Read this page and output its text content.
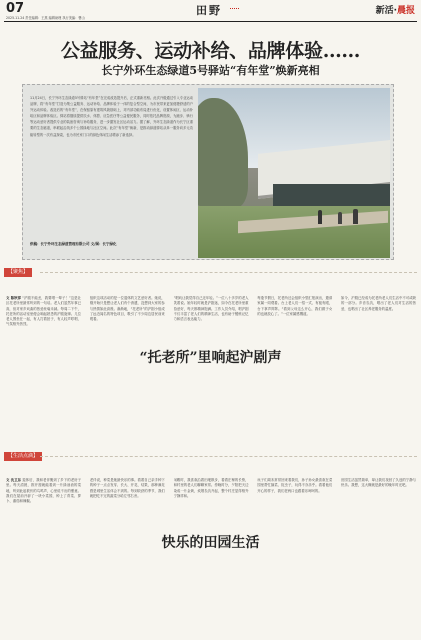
07
2025.11.24 责任编辑：王燕 编辑助理 执行美编：曹山
田野	新活·晨报
公益服务、运动补给、品牌体验……
长宁外环生态绿道5号驿站“有年堂”焕新亮相
11月24日，长宁外环生态绿道5号驿站“有年堂”在完成改造提升后，正式重新亮相。此次升级通过引入专业运动品牌，将“有年堂”打造为集公益服务、运动补给、品牌体验于一体的复合型空间，为市民带来更加便捷舒适的户外运动体验。改造后的“有年堂”，在保留原有建筑风貌基础上，对内部功能布局进行优化，设置休闲区、运动补给区和品牌体验区。驿站将继续提供饮水、休憩、应急医疗等公益便民服务，同时依托品牌资源，为跑步、骑行等运动爱好者提供专业的装备咨询与补给服务，进一步激发社区运动活力。据了解，外环生态绿道作为长宁区重要的生态廊道，串联起沿线多个公园绿地与社区空间。此次“有年堂”焕新，是推动绿道驿站从单一服务向多元功能转型的一次有益探索，也为市民家门口的绿色休闲生活增添了新选择。
供稿：长宁外环生态绿道管理有限公司 文/图：长宁绿化
【聚焦】
文 陈秋萍 “沪剧不能丢，我要唱一辈子！”这是社区托老所里最常听到的一句话。老人们虽然年事已高，但对家乡戏曲的热爱丝毫未减。每周二下午，托老所的活动室里便会响起熟悉的沪剧旋律。几位老人围坐在一起，有人打着拍子，有人轻声哼唱，气氛格外热烈。
组织这项活动的是一位退休的文艺爱好者。她说，刚开始只是想让老人们有个消遣，没想到大家的参与热情如此高涨。渐渐地，“托老所”的沪剧小组成了远近闻名的特色项目，吸引了不少周边居民前来观看。
“唱戏让我觉得自己还年轻。”一位八十多岁的老人笑着说。她年轻时就是沪剧迷，如今在托老所里重拾爱好，每天都精神饱满。工作人员介绍，唱沪剧不仅丰富了老人们的精神生活，也有助于锻炼记忆力和语言表达能力。
每逢节假日，托老所还会组织小型汇报演出，邀请家属一同观看。台上老人们一招一式、有板有眼，台下掌声阵阵。“看到父母这么开心，我们做子女的也就放心了。”一位家属感慨道。
如今，沪剧已经成为托老所老人们生活中不可或缺的一部分。乡音袅袅，唱出了老人们对生活的热爱，也唱出了社区养老服务的温度。
“托老所”里响起沪剧声
【生活点滴】
文 沈卫东 退休后，我和老伴搬到了乡下的老房子里。每天清晨，推开窗就能看到一片绿油油的菜地，听到此起彼伏的鸟鸣声，心里说不出的惬意。我们在屋前开辟了一块小菜园，种上了青菜、萝卜、番茄和辣椒。
老伴说，种菜是她最快乐的事。看着自己亲手种下的种子一点点发芽、长大、开花、结果，那种满足感是城里生活体会不到的。每到收获的季节，我们就把吃不完的蔬菜分给左邻右舍。
闲暇时，我喜欢沿着田埂散步，看看庄稼的长势，和村里的老人们聊聊家常。傍晚时分，夕阳把天边染成一片金黄，炊烟袅袅升起，整个村庄显得格外宁静祥和。
孩子们周末常常回来看我们，孙子孙女最喜欢在菜园里帮忙摘菜、捉虫子，玩得不亦乐乎。看着他们开心的样子，我们老两口也跟着乐呵呵的。
田园生活虽然简单，却让我们找回了久违的宁静与快乐。我想，这大概就是最好的晚年时光吧。
快乐的田园生活
